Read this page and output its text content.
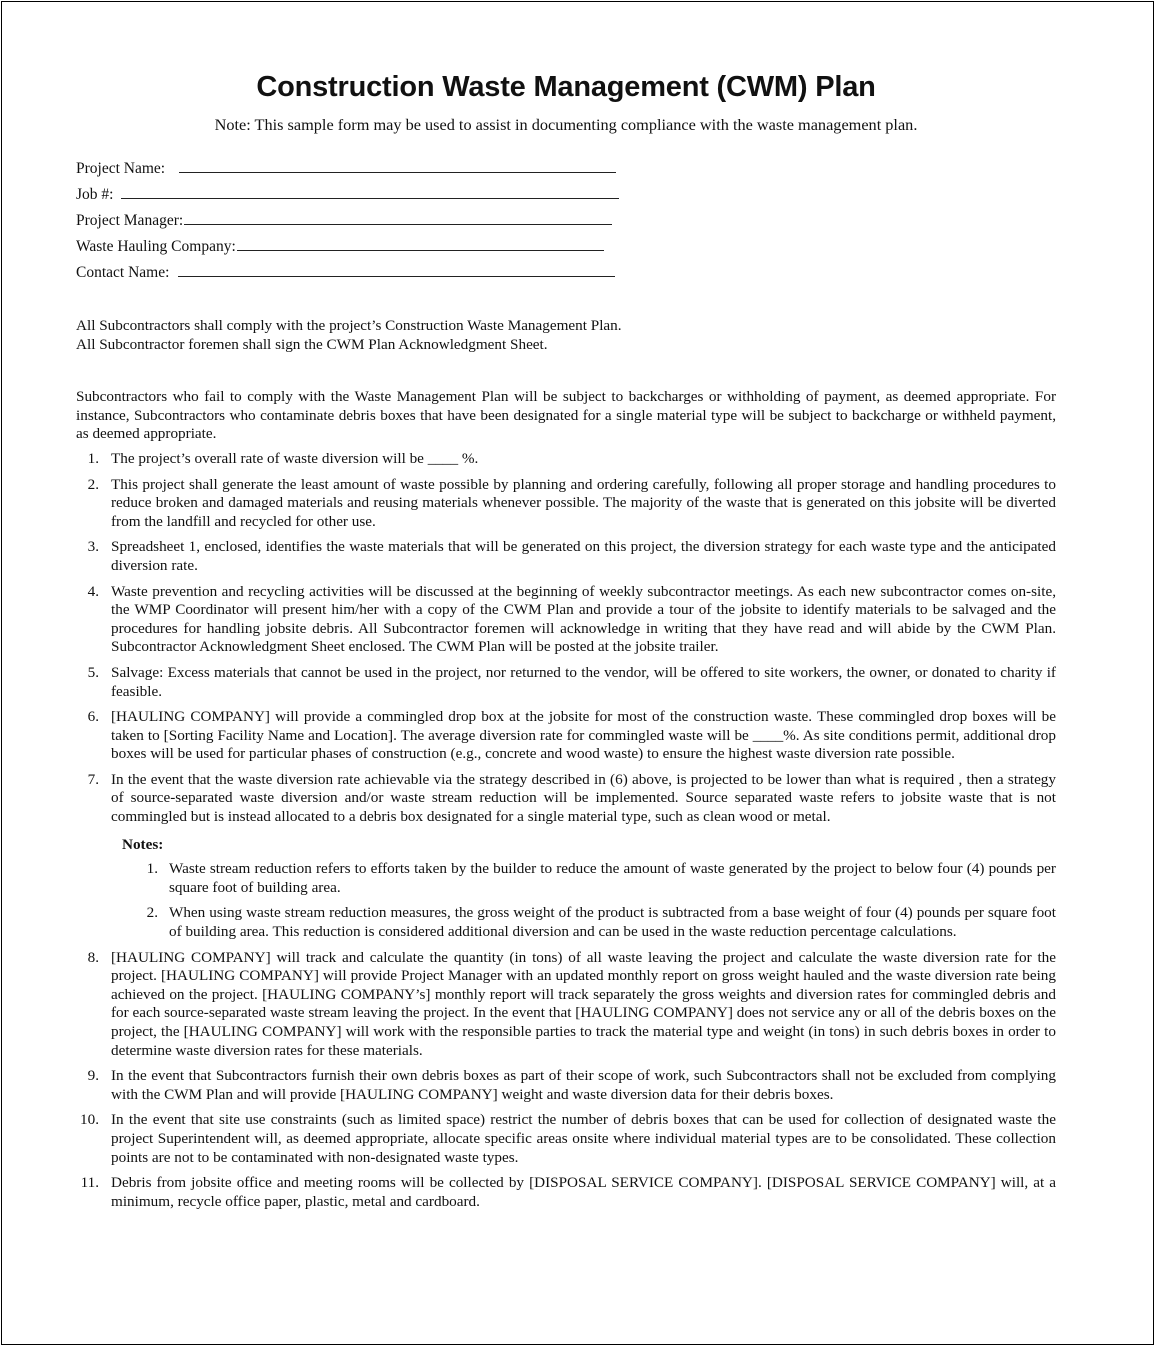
Construction Waste Management (CWM) Plan
Note: This sample form may be used to assist in documenting compliance with the waste management plan.
Project Name:
Job #:
Project Manager:
Waste Hauling Company:
Contact Name:

All Subcontractors shall comply with the project’s Construction Waste Management Plan.

All Subcontractor foremen shall sign the CWM Plan Acknowledgment Sheet.

Subcontractors who fail to comply with the Waste Management Plan will be subject to backcharges or withholding of payment, as deemed appropriate. For instance, Subcontractors who contaminate debris boxes that have been designated for a single material type will be subject to backcharge or withheld payment, as deemed appropriate.

1. The project’s overall rate of waste diversion will be ____ %.
2. This project shall generate the least amount of waste possible by planning and ordering carefully, following all proper storage and handling procedures to reduce broken and damaged materials and reusing materials whenever possible. The majority of the waste that is generated on this jobsite will be diverted from the landfill and recycled for other use.
3. Spreadsheet 1, enclosed, identifies the waste materials that will be generated on this project, the diversion strategy for each waste type and the anticipated diversion rate.
4. Waste prevention and recycling activities will be discussed at the beginning of weekly subcontractor meetings. As each new subcontractor comes on-site, the WMP Coordinator will present him/her with a copy of the CWM Plan and provide a tour of the jobsite to identify materials to be salvaged and the procedures for handling jobsite debris. All Subcontractor foremen will acknowledge in writing that they have read and will abide by the CWM Plan. Subcontractor Acknowledgment Sheet enclosed. The CWM Plan will be posted at the jobsite trailer.
5. Salvage: Excess materials that cannot be used in the project, nor returned to the vendor, will be offered to site workers, the owner, or donated to charity if feasible.
6. [HAULING COMPANY] will provide a commingled drop box at the jobsite for most of the construction waste. These commingled drop boxes will be taken to [Sorting Facility Name and Location]. The average diversion rate for commingled waste will be ____%. As site conditions permit, additional drop boxes will be used for particular phases of construction (e.g., concrete and wood waste) to ensure the highest waste diversion rate possible.
7. In the event that the waste diversion rate achievable via the strategy described in (6) above, is projected to be lower than what is required , then a strategy of source-separated waste diversion and/or waste stream reduction will be implemented. Source separated waste refers to jobsite waste that is not commingled but is instead allocated to a debris box designated for a single material type, such as clean wood or metal.
Notes:
1. Waste stream reduction refers to efforts taken by the builder to reduce the amount of waste generated by the project to below four (4) pounds per square foot of building area.
2. When using waste stream reduction measures, the gross weight of the product is subtracted from a base weight of four (4) pounds per square foot of building area. This reduction is considered additional diversion and can be used in the waste reduction percentage calculations.
8. [HAULING COMPANY] will track and calculate the quantity (in tons) of all waste leaving the project and calculate the waste diversion rate for the project. [HAULING COMPANY] will provide Project Manager with an updated monthly report on gross weight hauled and the waste diversion rate being achieved on the project. [HAULING COMPANY’s] monthly report will track separately the gross weights and diversion rates for commingled debris and for each source-separated waste stream leaving the project. In the event that [HAULING COMPANY] does not service any or all of the debris boxes on the project, the [HAULING COMPANY] will work with the responsible parties to track the material type and weight (in tons) in such debris boxes in order to determine waste diversion rates for these materials.
9. In the event that Subcontractors furnish their own debris boxes as part of their scope of work, such Subcontractors shall not be excluded from complying with the CWM Plan and will provide [HAULING COMPANY] weight and waste diversion data for their debris boxes.
10. In the event that site use constraints (such as limited space) restrict the number of debris boxes that can be used for collection of designated waste the project Superintendent will, as deemed appropriate, allocate specific areas onsite where individual material types are to be consolidated. These collection points are not to be contaminated with non-designated waste types.
11. Debris from jobsite office and meeting rooms will be collected by [DISPOSAL SERVICE COMPANY]. [DISPOSAL SERVICE COMPANY] will, at a minimum, recycle office paper, plastic, metal and cardboard.
